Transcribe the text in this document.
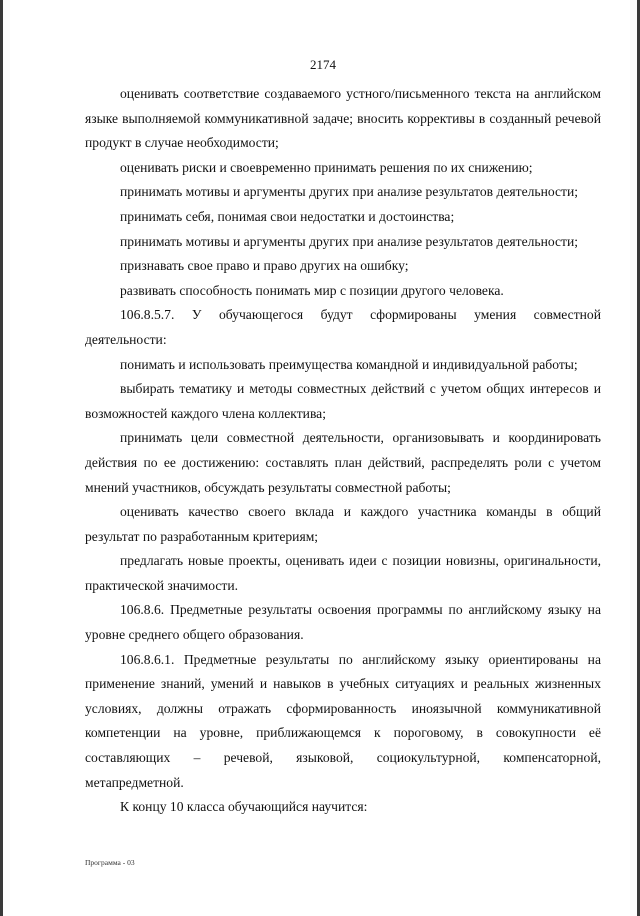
2174

оценивать соответствие создаваемого устного/письменного текста на английском языке выполняемой коммуникативной задаче; вносить коррективы в созданный речевой продукт в случае необходимости;

оценивать риски и своевременно принимать решения по их снижению;

принимать мотивы и аргументы других при анализе результатов деятельности;

принимать себя, понимая свои недостатки и достоинства;

принимать мотивы и аргументы других при анализе результатов деятельности;

признавать свое право и право других на ошибку;

развивать способность понимать мир с позиции другого человека.

106.8.5.7. У обучающегося будут сформированы умения совместной деятельности:

понимать и использовать преимущества командной и индивидуальной работы;

выбирать тематику и методы совместных действий с учетом общих интересов и возможностей каждого члена коллектива;

принимать цели совместной деятельности, организовывать и координировать действия по ее достижению: составлять план действий, распределять роли с учетом мнений участников, обсуждать результаты совместной работы;

оценивать качество своего вклада и каждого участника команды в общий результат по разработанным критериям;

предлагать новые проекты, оценивать идеи с позиции новизны, оригинальности, практической значимости.

106.8.6. Предметные результаты освоения программы по английскому языку на уровне среднего общего образования.

106.8.6.1. Предметные результаты по английскому языку ориентированы на применение знаний, умений и навыков в учебных ситуациях и реальных жизненных условиях, должны отражать сформированность иноязычной коммуникативной компетенции на уровне, приближающемся к пороговому, в совокупности её составляющих – речевой, языковой, социокультурной, компенсаторной, метапредметной.

К концу 10 класса обучающийся научится:

Программа - 03
